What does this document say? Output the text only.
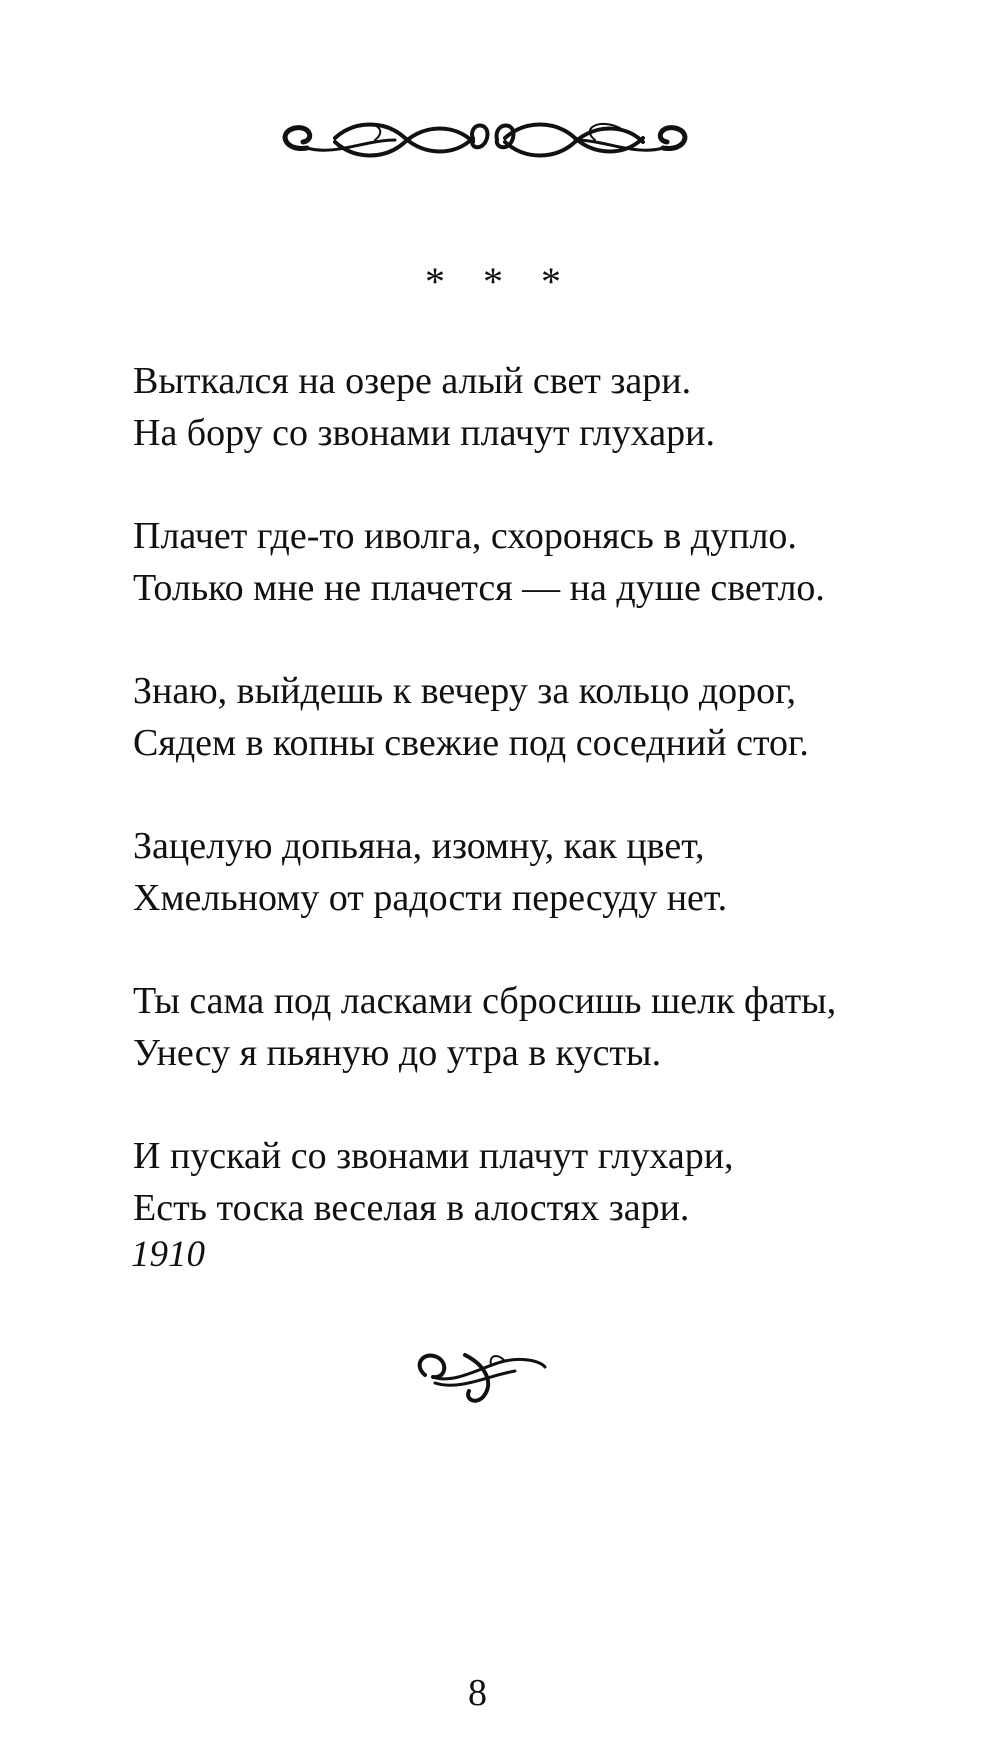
* * *
Выткался на озере алый свет зари.
На бору со звонами плачут глухари.
Плачет где-то иволга, схоронясь в дупло.
Только мне не плачется — на душе светло.
Знаю, выйдешь к вечеру за кольцо дорог,
Сядем в копны свежие под соседний стог.
Зацелую допьяна, изомну, как цвет,
Хмельному от радости пересуду нет.
Ты сама под ласками сбросишь шелк фаты,
Унесу я пьяную до утра в кусты.
И пускай со звонами плачут глухари,
Есть тоска веселая в алостях зари.
1910
8
